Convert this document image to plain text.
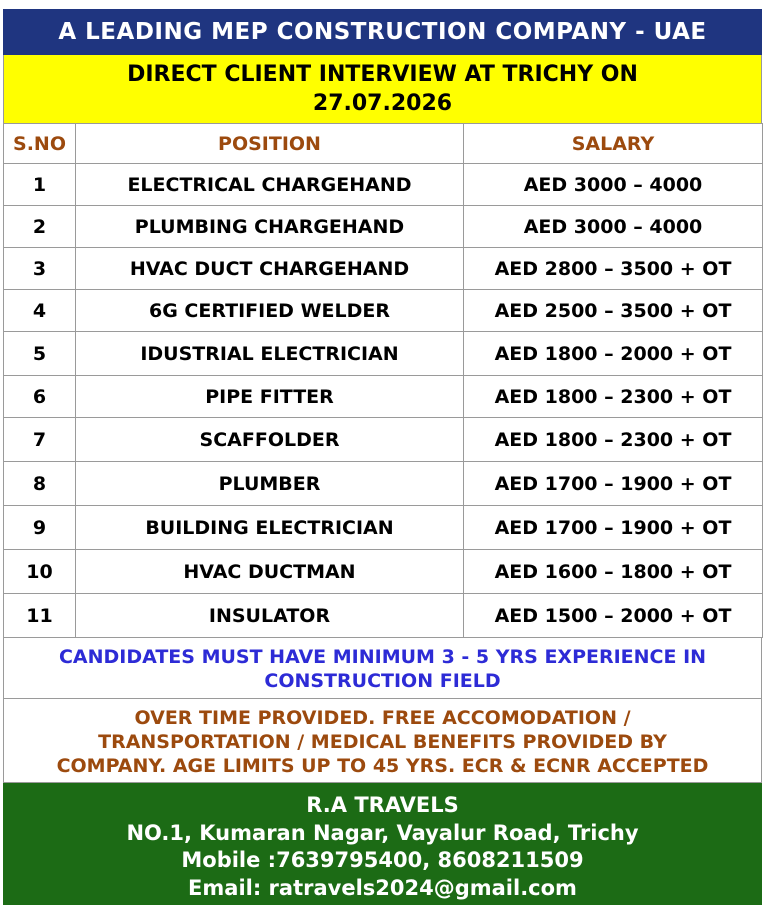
A LEADING MEP CONSTRUCTION COMPANY - UAE
DIRECT CLIENT INTERVIEW AT TRICHY ON
27.07.2026
S.NO	POSITION	SALARY
1	ELECTRICAL CHARGEHAND	AED 3000 – 4000
2	PLUMBING CHARGEHAND	AED 3000 – 4000
3	HVAC DUCT CHARGEHAND	AED 2800 – 3500 + OT
4	6G CERTIFIED WELDER	AED 2500 – 3500 + OT
5	IDUSTRIAL ELECTRICIAN	AED 1800 – 2000 + OT
6	PIPE FITTER	AED 1800 – 2300 + OT
7	SCAFFOLDER	AED 1800 – 2300 + OT
8	PLUMBER	AED 1700 – 1900 + OT
9	BUILDING ELECTRICIAN	AED 1700 – 1900 + OT
10	HVAC DUCTMAN	AED 1600 – 1800 + OT
11	INSULATOR	AED 1500 – 2000 + OT
CANDIDATES MUST HAVE MINIMUM 3 - 5 YRS EXPERIENCE IN
CONSTRUCTION FIELD
OVER TIME PROVIDED. FREE ACCOMODATION /
TRANSPORTATION / MEDICAL BENEFITS PROVIDED BY
COMPANY. AGE LIMITS UP TO 45 YRS. ECR & ECNR ACCEPTED
R.A TRAVELS
NO.1, Kumaran Nagar, Vayalur Road, Trichy
Mobile :7639795400, 8608211509
Email: ratravels2024@gmail.com
